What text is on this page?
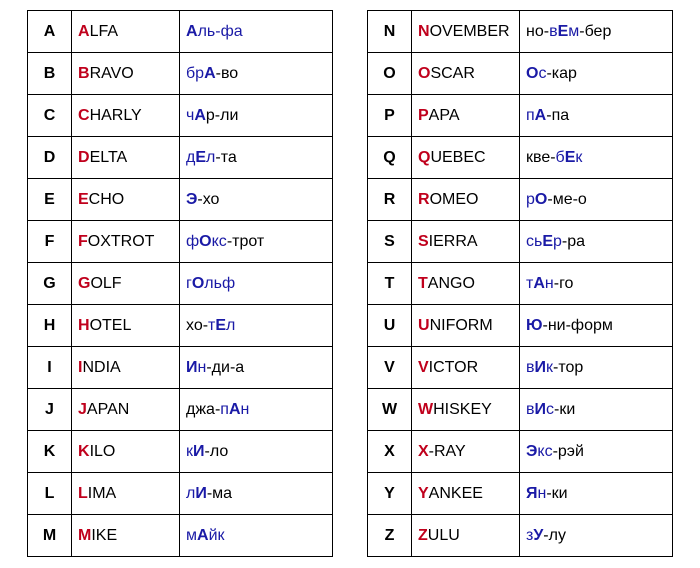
A	ALFA	Аль-фа
B	BRAVO	брА-во
C	CHARLY	чАр-ли
D	DELTA	дЕл-та
E	ECHO	Э-хо
F	FOXTROT	фОкс-трот
G	GOLF	гОльф
H	HOTEL	хо-тЕл
I	INDIA	Ин-ди-а
J	JAPAN	джа-пАн
K	KILO	кИ-ло
L	LIMA	лИ-ма
M	MIKE	мАйк
N	NOVEMBER	но-вЕм-бер
O	OSCAR	Ос-кар
P	PAPA	пА-па
Q	QUEBEC	кве-бЕк
R	ROMEO	рО-ме-о
S	SIERRA	сьЕр-ра
T	TANGO	тАн-го
U	UNIFORM	Ю-ни-форм
V	VICTOR	вИк-тор
W	WHISKEY	вИс-ки
X	X-RAY	Экс-рэй
Y	YANKEE	Ян-ки
Z	ZULU	зУ-лу
